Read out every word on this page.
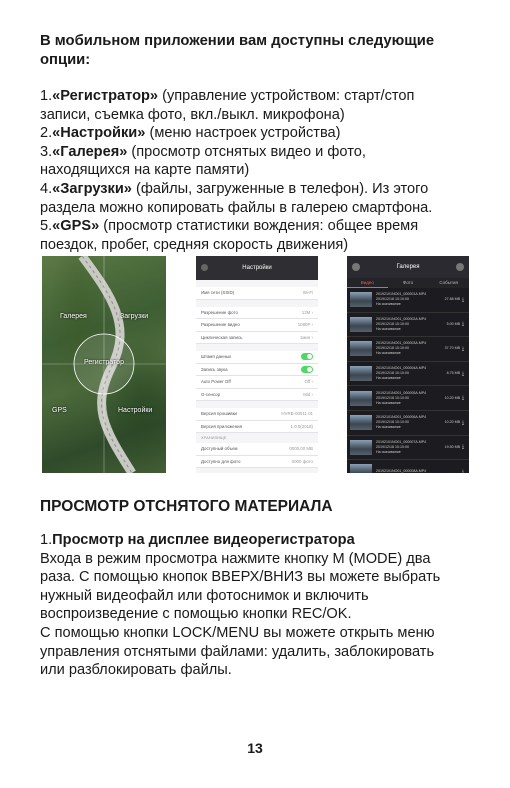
В мобильном приложении вам доступны следующие
опции:

1.«Регистратор» (управление устройством: старт/стоп
записи, съемка фото, вкл./выкл. микрофона)
2.«Настройки» (меню настроек устройства)
3.«Галерея» (просмотр отснятых видео и фото,
находящихся на карте памяти)
4.«Загрузки» (файлы, загруженные в телефон). Из этого
раздела можно копировать файлы в галерею смартфона.
5.«GPS» (просмотр статистики вождения: общее время
поездок, пробег, средняя скорость движения)
Галерея	Загрузки
Регистратор
GPS	Настройки
Настройки
Имя сети (SSID)	Wi-Fi
Разрешение фото	12M ›
Разрешение видео	1080P ›
Циклическая запись	1мин ›
Штамп данных
Запись звука
Auto Power Off	Off ›
G-сенсор	Mid ›
Версия прошивки	HVRB-00011 01
Версия приложения	1.0.0(2018)
ХРАНИЛИЩЕ
Доступный объем	0000,00 MB
Доступно для фото	0000 фото
Галерея
Видео	Фото	События
20192101NO01_000001A.MP4
2019/12/18 10:10:00	27.88 MB
На скачивание
⤓
20192101NO01_000002A.MP4
2019/12/18 10:10:00	5.00 MB
На скачивание
⤓
20192101NO01_000003A.MP4
2019/12/18 10:10:00	37.70 MB
На скачивание
⤓
20192101NO01_000004A.MP4
2019/12/18 10:10:00	8.75 MB
На скачивание
⤓
20192101NO01_000005A.MP4
2019/12/18 10:10:00	10.20 MB
На скачивание
⤓
20192101NO01_000006A.MP4
2019/12/18 10:10:00	10.20 MB
На скачивание
⤓
20192101NO01_000007A.MP4
2019/12/18 10:10:00	19.50 MB
На скачивание
⤓
20192101NO01_000008A.MP4	⤓

ПРОСМОТР ОТСНЯТОГО МАТЕРИАЛА

1.Просмотр на дисплее видеорегистратора
Входа в режим просмотра нажмите кнопку M (MODE) два
раза. С помощью кнопок ВВЕРХ/ВНИЗ вы можете выбрать
нужный видеофайл или фотоснимок и включить
воспроизведение с помощью кнопки REC/OK.
С помощью кнопки LOCK/MENU вы можете открыть меню
управления отснятыми файлами: удалить, заблокировать
или разблокировать файлы.
13
